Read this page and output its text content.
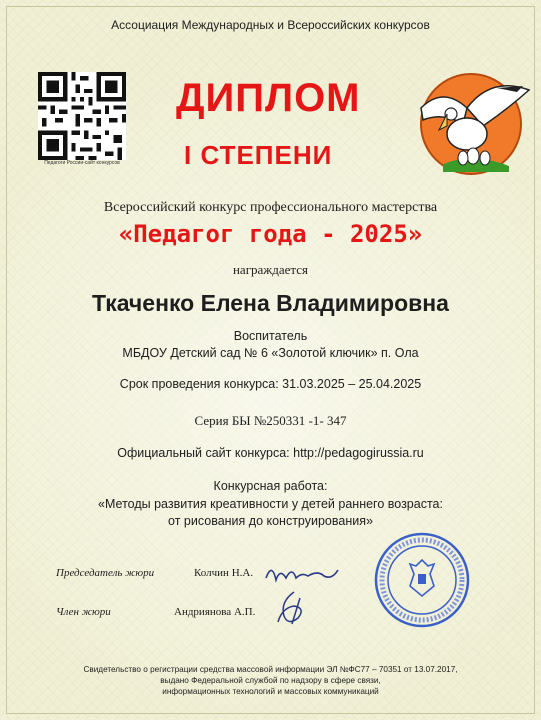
Ассоциация Международных и Всероссийских конкурсов
Педагоги России-сайт конкурсов
ДИПЛОМ
I СТЕПЕНИ
Всероссийский конкурс профессионального мастерства
«Педагог года - 2025»
награждается
Ткаченко Елена Владимировна
Воспитатель
МБДОУ Детский сад № 6 «Золотой ключик» п. Ола
Срок проведения конкурса: 31.03.2025 – 25.04.2025
Серия БЫ №250331 -1- 347
Официальный сайт конкурса: http://pedagogirussia.ru
Конкурсная работа:
«Методы развития креативности у детей раннего возраста:
от рисования до конструирования»
Председатель жюри	Колчин Н.А.
Член жюри	Андриянова А.П.
Свидетельство о регистрации средства массовой информации ЭЛ №ФС77 – 70351 от 13.07.2017,
выдано Федеральной службой по надзору в сфере связи,
информационных технологий и массовых коммуникаций
